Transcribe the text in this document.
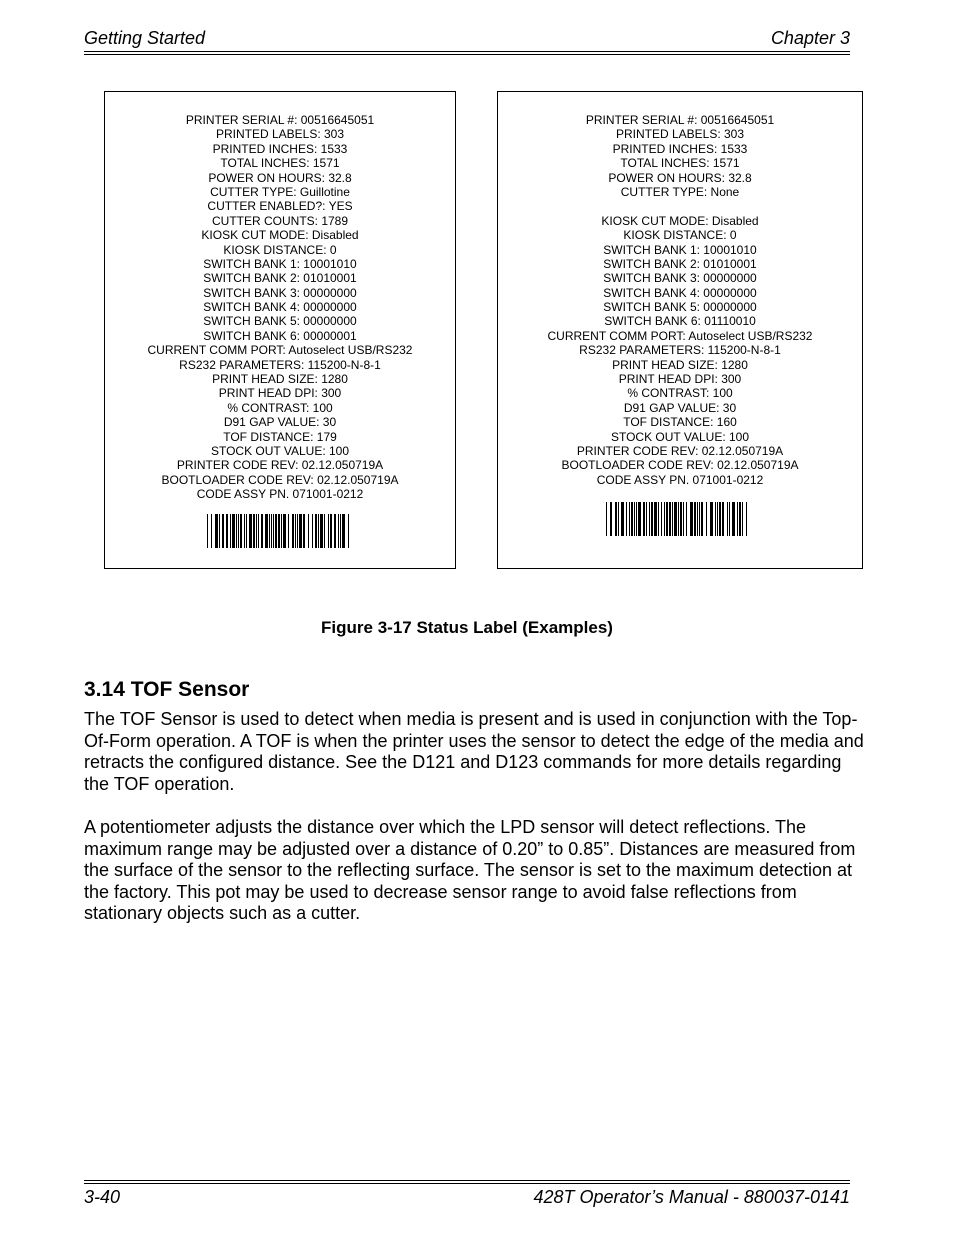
Getting Started	Chapter 3
PRINTER SERIAL #: 00516645051
PRINTED LABELS: 303
PRINTED INCHES: 1533
TOTAL INCHES: 1571
POWER ON HOURS: 32.8
CUTTER TYPE: Guillotine
CUTTER ENABLED?: YES
CUTTER COUNTS: 1789
KIOSK CUT MODE: Disabled
KIOSK DISTANCE: 0
SWITCH BANK 1: 10001010
SWITCH BANK 2: 01010001
SWITCH BANK 3: 00000000
SWITCH BANK 4: 00000000
SWITCH BANK 5: 00000000
SWITCH BANK 6: 00000001
CURRENT COMM PORT: Autoselect USB/RS232
RS232 PARAMETERS: 115200-N-8-1
PRINT HEAD SIZE: 1280
PRINT HEAD DPI: 300
% CONTRAST: 100
D91 GAP VALUE: 30
TOF DISTANCE: 179
STOCK OUT VALUE: 100
PRINTER CODE REV: 02.12.050719A
BOOTLOADER CODE REV: 02.12.050719A
CODE ASSY PN. 071001-0212
PRINTER SERIAL #: 00516645051
PRINTED LABELS: 303
PRINTED INCHES: 1533
TOTAL INCHES: 1571
POWER ON HOURS: 32.8
CUTTER TYPE: None
KIOSK CUT MODE: Disabled
KIOSK DISTANCE: 0
SWITCH BANK 1: 10001010
SWITCH BANK 2: 01010001
SWITCH BANK 3: 00000000
SWITCH BANK 4: 00000000
SWITCH BANK 5: 00000000
SWITCH BANK 6: 01110010
CURRENT COMM PORT: Autoselect USB/RS232
RS232 PARAMETERS: 115200-N-8-1
PRINT HEAD SIZE: 1280
PRINT HEAD DPI: 300
% CONTRAST: 100
D91 GAP VALUE: 30
TOF DISTANCE: 160
STOCK OUT VALUE: 100
PRINTER CODE REV: 02.12.050719A
BOOTLOADER CODE REV: 02.12.050719A
CODE ASSY PN. 071001-0212
Figure 3-17 Status Label (Examples)
3.14 TOF Sensor
The TOF Sensor is used to detect when media is present and is used in conjunction with the Top-Of-Form operation. A TOF is when the printer uses the sensor to detect the edge of the media and retracts the configured distance. See the D121 and D123 commands for more details regarding the TOF operation.
A potentiometer adjusts the distance over which the LPD sensor will detect reflections. The maximum range may be adjusted over a distance of 0.20” to 0.85”. Distances are measured from the surface of the sensor to the reflecting surface. The sensor is set to the maximum detection at the factory. This pot may be used to decrease sensor range to avoid false reflections from stationary objects such as a cutter.
3-40	428T Operator’s Manual - 880037-0141
